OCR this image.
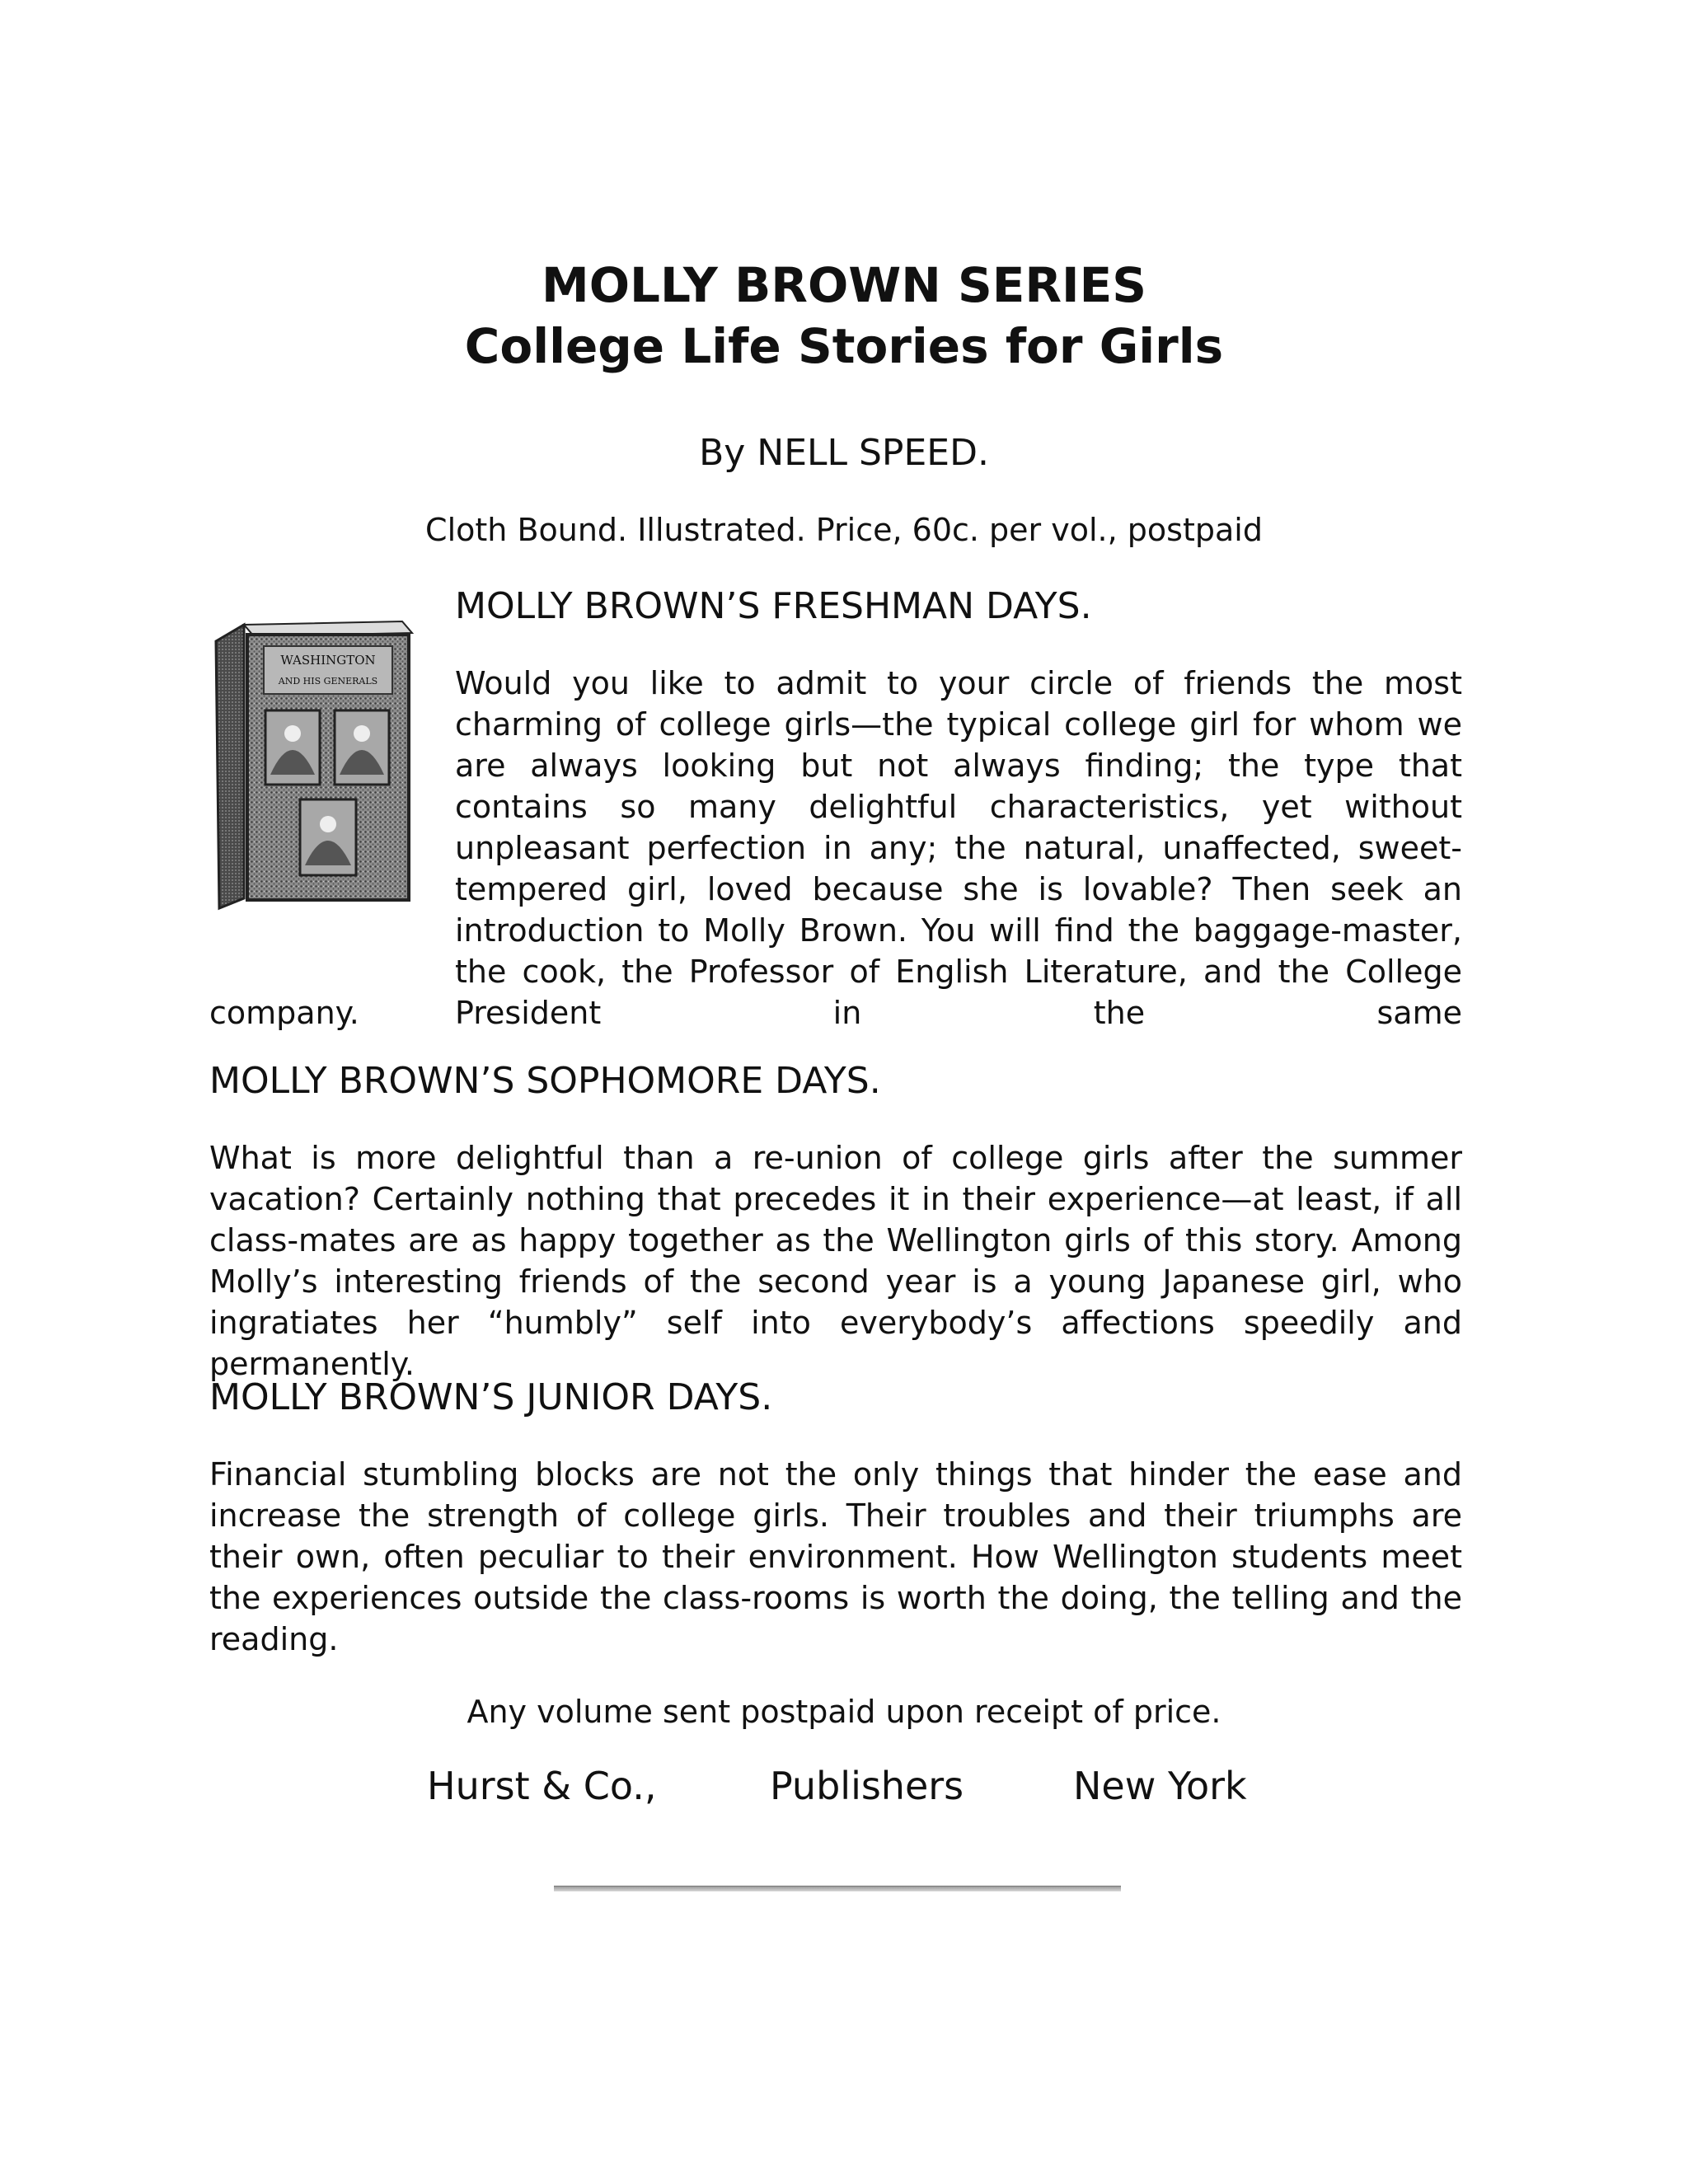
MOLLY BROWN SERIES
College Life Stories for Girls
By NELL SPEED.
Cloth Bound. Illustrated. Price, 60c. per vol., postpaid
WASHINGTON
AND HIS GENERALS
MOLLY BROWN’S FRESHMAN DAYS.

Would you like to admit to your circle of friends the most charming of college girls—the typical college girl for whom we are always looking but not always finding; the type that contains so many delightful characteristics, yet without unpleasant perfection in any; the natural, unaffected, sweet-tempered girl, loved because she is lovable? Then seek an introduction to Molly Brown. You will find the baggage-master, the cook, the Professor of English Literature, and the College President in the same

company.

MOLLY BROWN’S SOPHOMORE DAYS.

What is more delightful than a re-union of college girls after the summer vacation? Certainly nothing that precedes it in their experience—at least, if all class-mates are as happy together as the Wellington girls of this story. Among Molly’s interesting friends of the second year is a young Japanese girl, who ingratiates her “humbly” self into everybody’s affections speedily and permanently.

MOLLY BROWN’S JUNIOR DAYS.

Financial stumbling blocks are not the only things that hinder the ease and increase the strength of college girls. Their troubles and their triumphs are their own, often peculiar to their environment. How Wellington students meet the experiences outside the class-rooms is worth the doing, the telling and the reading.

Any volume sent postpaid upon receipt of price.
Hurst & Co.,	Publishers	New York
